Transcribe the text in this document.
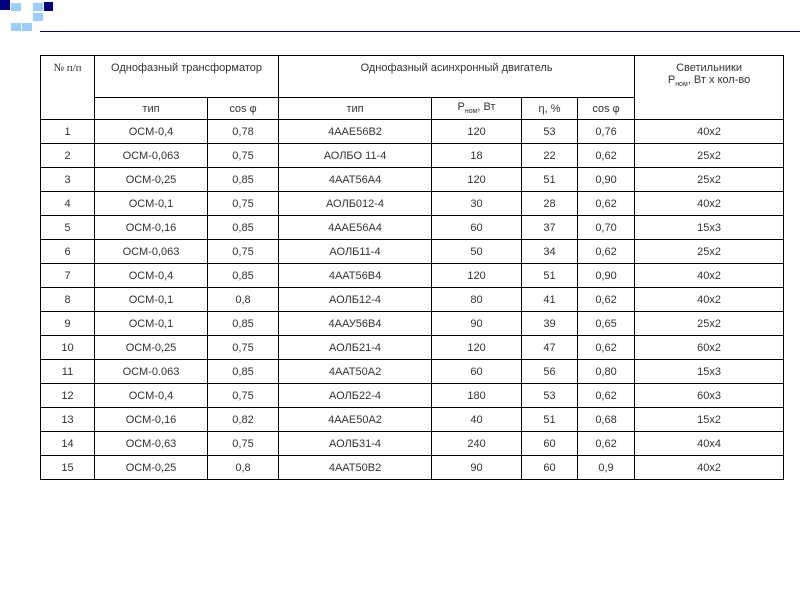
№ п/п	Однофазный трансформатор		Однофазный асинхронный двигатель				Светильники
$P_{ном}$, Вт х кол-во
	тип	cos φ	тип	$P_{ном}$, Вт	η, %	cos φ	
1	ОСМ-0,4	0,78	4ААЕ56В2	120	53	0,76	40х2
2	ОСМ-0,063	0,75	АОЛБО 11-4	18	22	0,62	25х2
3	ОСМ-0,25	0,85	4ААТ56А4	120	51	0,90	25х2
4	ОСМ-0,1	0,75	АОЛБ012-4	30	28	0,62	40х2
5	ОСМ-0,16	0,85	4ААЕ56А4	60	37	0,70	15х3
6	ОСМ-0,063	0,75	АОЛБ11-4	50	34	0,62	25х2
7	ОСМ-0,4	0,85	4ААТ56В4	120	51	0,90	40х2
8	ОСМ-0,1	0,8	АОЛБ12-4	80	41	0,62	40х2
9	ОСМ-0,1	0,85	4ААУ56В4	90	39	0,65	25х2
10	ОСМ-0,25	0,75	АОЛБ21-4	120	47	0,62	60х2
11	ОСМ-0.063	0,85	4ААТ50А2	60	56	0,80	15х3
12	ОСМ-0,4	0,75	АОЛБ22-4	180	53	0,62	60х3
13	ОСМ-0,16	0,82	4ААЕ50А2	40	51	0,68	15х2
14	ОСМ-0,63	0,75	АОЛБ31-4	240	60	0,62	40х4
15	ОСМ-0,25	0,8	4ААТ50В2	90	60	0,9	40х2
